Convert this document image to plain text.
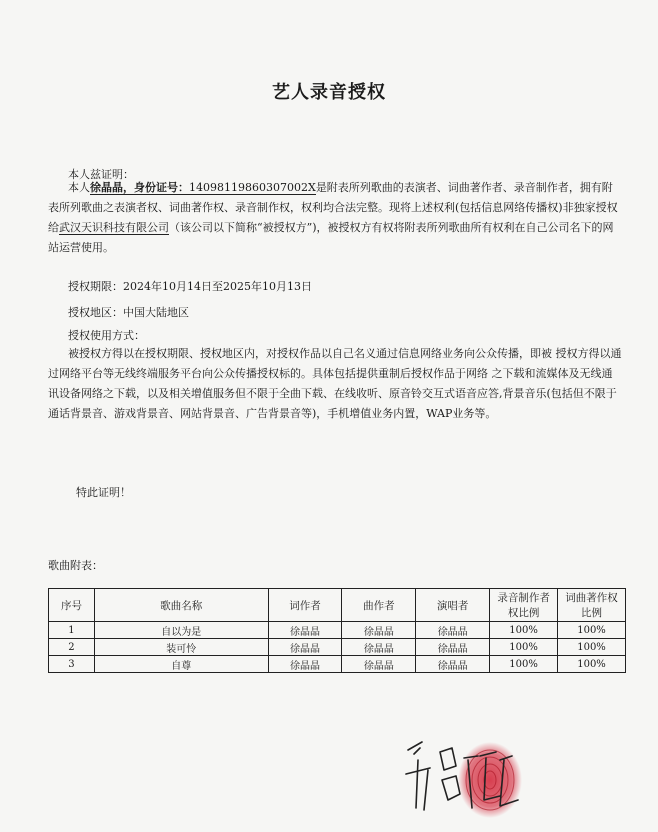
艺人录音授权
本人兹证明：
本人徐晶晶，身份证号：14098119860307002X是附表所列歌曲的表演者、词曲著作者、录音制作者，拥有附表所列歌曲之表演者权、词曲著作权、录音制作权，权利均合法完整。现将上述权利(包括信息网络传播权)非独家授权给武汉天识科技有限公司（该公司以下简称“被授权方”)，被授权方有权将附表所列歌曲所有权利在自己公司名下的网站运营使用。
授权期限：2024年10月14日至2025年10月13日
授权地区：中国大陆地区
授权使用方式：
被授权方得以在授权期限、授权地区内，对授权作品以自己名义通过信息网络业务向公众传播，即被 授权方得以通过网络平台等无线终端服务平台向公众传播授权标的。具体包括提供重制后授权作品于网络 之下载和流媒体及无线通讯设备网络之下载，以及相关增值服务但不限于全曲下载、在线收听、原音铃交互式语音应答,背景音乐(包括但不限于通话背景音、游戏背景音、网站背景音、广告背景音等)，手机增值业务内置，WAP业务等。
特此证明！
歌曲附表：
序号	歌曲名称	词作者	曲作者	演唱者	录音制作者权比例	词曲著作权比例
1	自以为是	徐晶晶	徐晶晶	徐晶晶	100%	100%
2	装可怜	徐晶晶	徐晶晶	徐晶晶	100%	100%
3	自尊	徐晶晶	徐晶晶	徐晶晶	100%	100%
